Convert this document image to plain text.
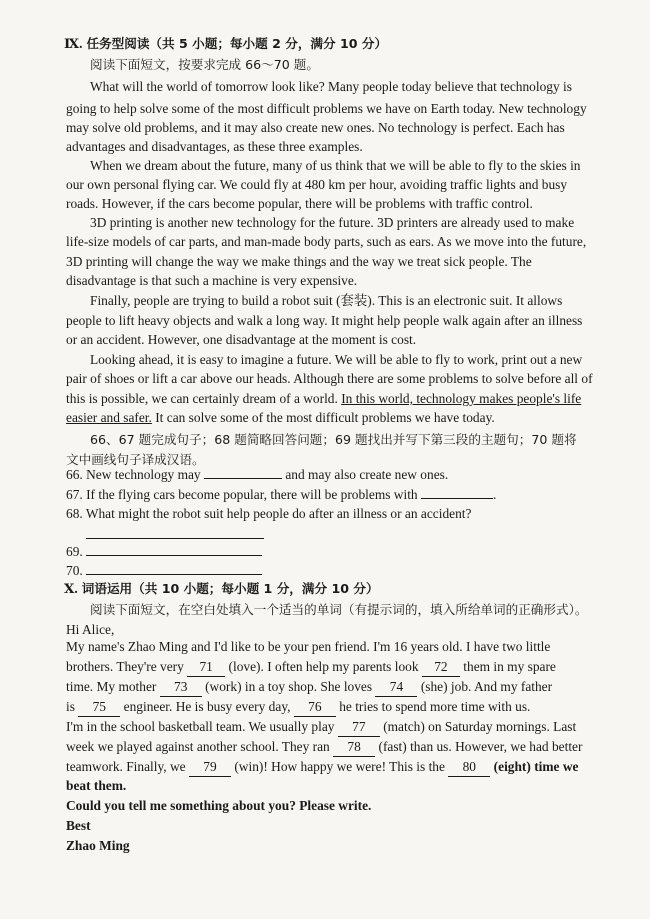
Ⅸ. 任务型阅读（共 5 小题；每小题 2 分，满分 10 分）
阅读下面短文，按要求完成 66～70 题。
What will the world of tomorrow look like? Many people today believe that technology is
going to help solve some of the most difficult problems we have on Earth today. New technology
may solve old problems, and it may also create new ones. No technology is perfect. Each has
advantages and disadvantages, as these three examples.
When we dream about the future, many of us think that we will be able to fly to the skies in
our own personal flying car. We could fly at 480 km per hour, avoiding traffic lights and busy
roads. However, if the cars become popular, there will be problems with traffic control.
3D printing is another new technology for the future. 3D printers are already used to make
life-size models of car parts, and man-made body parts, such as ears. As we move into the future,
3D printing will change the way we make things and the way we treat sick people. The
disadvantage is that such a machine is very expensive.
Finally, people are trying to build a robot suit (套装). This is an electronic suit. It allows
people to lift heavy objects and walk a long way. It might help people walk again after an illness
or an accident. However, one disadvantage at the moment is cost.
Looking ahead, it is easy to imagine a future. We will be able to fly to work, print out a new
pair of shoes or lift a car above our heads. Although there are some problems to solve before all of
this is possible, we can certainly dream of a world. In this world, technology makes people's life
easier and safer. It can solve some of the most difficult problems we have today.
66、67 题完成句子；68 题简略回答问题；69 题找出并写下第三段的主题句；70 题将
文中画线句子译成汉语。
66. New technology may	and may also create new ones.
67. If the flying cars become popular, there will be problems with	.
68. What might the robot suit help people do after an illness or an accident?
69.
70.
Ⅹ. 词语运用（共 10 小题；每小题 1 分，满分 10 分）
阅读下面短文，在空白处填入一个适当的单词（有提示词的，填入所给单词的正确形式）。
Hi Alice,
My name's Zhao Ming and I'd like to be your pen friend. I'm 16 years old. I have two little
brothers. They're very 71 (love). I often help my parents look 72 them in my spare
time. My mother 73 (work) in a toy shop. She loves 74 (she) job. And my father
is 75 engineer. He is busy every day, 76 he tries to spend more time with us.
I'm in the school basketball team. We usually play 77 (match) on Saturday mornings. Last
week we played against another school. They ran 78 (fast) than us. However, we had better
teamwork. Finally, we 79 (win)! How happy we were! This is the 80 (eight) time we
beat them.
Could you tell me something about you? Please write.
Best
Zhao Ming
